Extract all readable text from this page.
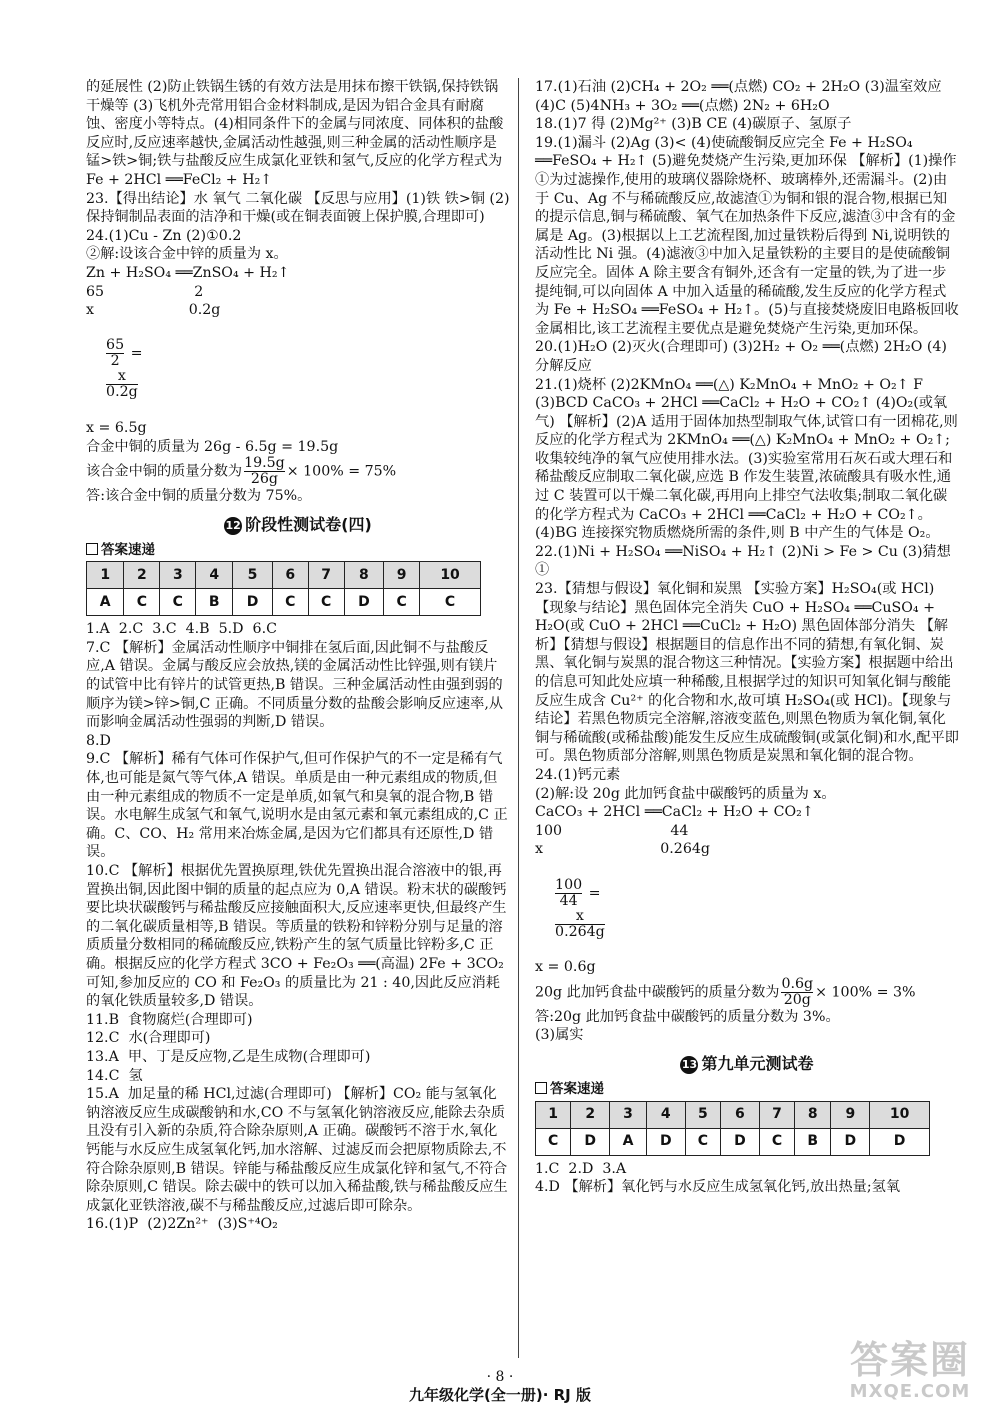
的延展性 (2)防止铁锅生锈的有效方法是用抹布擦干铁锅,保持铁锅干燥等 (3)飞机外壳常用铝合金材料制成,是因为铝合金具有耐腐蚀、密度小等特点。(4)相同条件下的金属与同浓度、同体积的盐酸反应时,反应速率越快,金属活动性越强,则三种金属的活动性顺序是锰>铁>铜;铁与盐酸反应生成氯化亚铁和氢气,反应的化学方程式为 Fe + 2HCl ══FeCl₂ + H₂↑

23.【得出结论】水 氧气 二氧化碳 【反思与应用】(1)铁 铁>铜 (2)保持铜制品表面的洁净和干燥(或在铜表面镀上保护膜,合理即可)

24.(1)Cu - Zn (2)①0.2

②解:设该合金中锌的质量为 x。

Zn + H₂SO₄ ══ZnSO₄ + H₂↑

65                    2

x                     0.2g

$\frac{65}{2}$ =

$\frac{x}{0.2g}$

x = 6.5g

合金中铜的质量为 26g - 6.5g = 19.5g

该合金中铜的质量分数为 $\frac{19.5g}{26g} \times 100\% = 75\%$

答:该合金中铜的质量分数为 75%。

12 阶段性测试卷(四)
答案速递
1	2	3	4	5	6	7	8	9	10
A	C	C	B	D	C	C	D	C	C

1.A  2.C  3.C  4.B  5.D  6.C

7.C 【解析】金属活动性顺序中铜排在氢后面,因此铜不与盐酸反应,A 错误。金属与酸反应会放热,镁的金属活动性比锌强,则有镁片的试管中比有锌片的试管更热,B 错误。三种金属活动性由强到弱的顺序为镁>锌>铜,C 正确。不同质量分数的盐酸会影响反应速率,从而影响金属活动性强弱的判断,D 错误。

8.D

9.C 【解析】稀有气体可作保护气,但可作保护气的不一定是稀有气体,也可能是氮气等气体,A 错误。单质是由一种元素组成的物质,但由一种元素组成的物质不一定是单质,如氧气和臭氧的混合物,B 错误。水电解生成氢气和氧气,说明水是由氢元素和氧元素组成的,C 正确。C、CO、H₂ 常用来冶炼金属,是因为它们都具有还原性,D 错误。

10.C 【解析】根据优先置换原理,铁优先置换出混合溶液中的银,再置换出铜,因此图中铜的质量的起点应为 0,A 错误。粉末状的碳酸钙要比块状碳酸钙与稀盐酸反应接触面积大,反应速率更快,但最终产生的二氧化碳质量相等,B 错误。等质量的铁粉和锌粉分别与足量的溶质质量分数相同的稀硫酸反应,铁粉产生的氢气质量比锌粉多,C 正确。根据反应的化学方程式 3CO + Fe₂O₃ ══(高温) 2Fe + 3CO₂ 可知,参加反应的 CO 和 Fe₂O₃ 的质量比为 21 : 40,因此反应消耗的氧化铁质量较多,D 错误。

11.B  食物腐烂(合理即可)

12.C  水(合理即可)

13.A  甲、丁是反应物,乙是生成物(合理即可)

14.C  氢

15.A  加足量的稀 HCl,过滤(合理即可) 【解析】CO₂ 能与氢氧化钠溶液反应生成碳酸钠和水,CO 不与氢氧化钠溶液反应,能除去杂质且没有引入新的杂质,符合除杂原则,A 正确。碳酸钙不溶于水,氧化钙能与水反应生成氢氧化钙,加水溶解、过滤反而会把原物质除去,不符合除杂原则,B 错误。锌能与稀盐酸反应生成氯化锌和氢气,不符合除杂原则,C 错误。除去碳中的铁可以加入稀盐酸,铁与稀盐酸反应生成氯化亚铁溶液,碳不与稀盐酸反应,过滤后即可除杂。

16.(1)P  (2)2Zn²⁺  (3)S⁺⁴O₂

17.(1)石油 (2)CH₄ + 2O₂ ══(点燃) CO₂ + 2H₂O (3)温室效应 (4)C (5)4NH₃ + 3O₂ ══(点燃) 2N₂ + 6H₂O

18.(1)7 得 (2)Mg²⁺ (3)B CE (4)碳原子、氢原子

19.(1)漏斗 (2)Ag (3)< (4)使硫酸铜反应完全 Fe + H₂SO₄ ══FeSO₄ + H₂↑ (5)避免焚烧产生污染,更加环保 【解析】(1)操作①为过滤操作,使用的玻璃仪器除烧杯、玻璃棒外,还需漏斗。(2)由于 Cu、Ag 不与稀硫酸反应,故滤渣①为铜和银的混合物,根据已知的提示信息,铜与稀硫酸、氧气在加热条件下反应,滤渣③中含有的金属是 Ag。(3)根据以上工艺流程图,加过量铁粉后得到 Ni,说明铁的活动性比 Ni 强。(4)滤液③中加入足量铁粉的主要目的是使硫酸铜反应完全。固体 A 除主要含有铜外,还含有一定量的铁,为了进一步提纯铜,可以向固体 A 中加入适量的稀硫酸,发生反应的化学方程式为 Fe + H₂SO₄ ══FeSO₄ + H₂↑。(5)与直接焚烧废旧电路板回收金属相比,该工艺流程主要优点是避免焚烧产生污染,更加环保。

20.(1)H₂O (2)灭火(合理即可) (3)2H₂ + O₂ ══(点燃) 2H₂O (4)分解反应

21.(1)烧杯 (2)2KMnO₄ ══(△) K₂MnO₄ + MnO₂ + O₂↑ F (3)BCD CaCO₃ + 2HCl ══CaCl₂ + H₂O + CO₂↑ (4)O₂(或氧气) 【解析】(2)A 适用于固体加热型制取气体,试管口有一团棉花,则反应的化学方程式为 2KMnO₄ ══(△) K₂MnO₄ + MnO₂ + O₂↑;收集较纯净的氧气应使用排水法。(3)实验室常用石灰石或大理石和稀盐酸反应制取二氧化碳,应选 B 作发生装置,浓硫酸具有吸水性,通过 C 装置可以干燥二氧化碳,再用向上排空气法收集;制取二氧化碳的化学方程式为 CaCO₃ + 2HCl ══CaCl₂ + H₂O + CO₂↑。(4)BG 连接探究物质燃烧所需的条件,则 B 中产生的气体是 O₂。

22.(1)Ni + H₂SO₄ ══NiSO₄ + H₂↑ (2)Ni > Fe > Cu (3)猜想①

23.【猜想与假设】氧化铜和炭黑 【实验方案】H₂SO₄(或 HCl) 【现象与结论】黑色固体完全消失 CuO + H₂SO₄ ══CuSO₄ + H₂O(或 CuO + 2HCl ══CuCl₂ + H₂O) 黑色固体部分消失 【解析】【猜想与假设】根据题目的信息作出不同的猜想,有氧化铜、炭黑、氧化铜与炭黑的混合物这三种情况。【实验方案】根据题中给出的信息可知此处应填一种稀酸,且根据学过的知识可知氧化铜与酸能反应生成含 Cu²⁺ 的化合物和水,故可填 H₂SO₄(或 HCl)。【现象与结论】若黑色物质完全溶解,溶液变蓝色,则黑色物质为氧化铜,氧化铜与稀硫酸(或稀盐酸)能发生反应生成硫酸铜(或氯化铜)和水,配平即可。黑色物质部分溶解,则黑色物质是炭黑和氧化铜的混合物。

24.(1)钙元素

(2)解:设 20g 此加钙食盐中碳酸钙的质量为 x。

CaCO₃ + 2HCl ══CaCl₂ + H₂O + CO₂↑

100                        44

x                          0.264g

$\frac{100}{44}$ =

$\frac{x}{0.264g}$

x = 0.6g

20g 此加钙食盐中碳酸钙的质量分数为 $\frac{0.6g}{20g} \times 100\% = 3\%$

答:20g 此加钙食盐中碳酸钙的质量分数为 3%。

(3)属实

13 第九单元测试卷
答案速递
1	2	3	4	5	6	7	8	9	10
C	D	A	D	C	D	C	B	D	D

1.C  2.D  3.A

4.D 【解析】氧化钙与水反应生成氢氧化钙,放出热量;氢氧

· 8 ·
九年级化学(全一册)· RJ 版
答案圈
MXQE.COM
